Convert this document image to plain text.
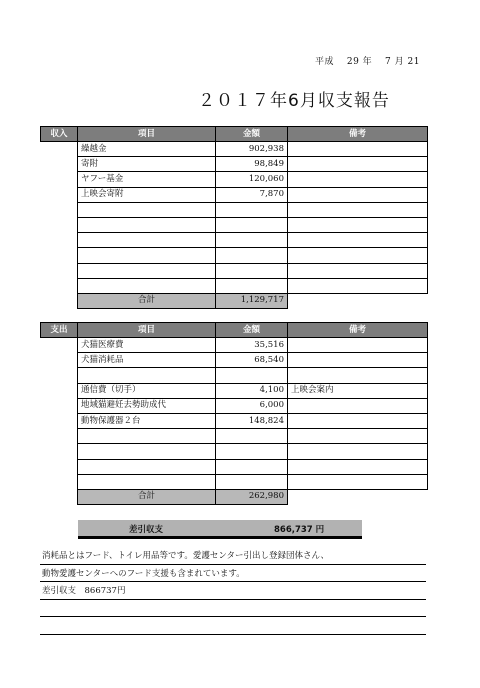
平成　 29 年　 7 月 21
２０１７年6月収支報告
収入	項目	金額	備考
	繰越金	902,938	
	寄附	98,849	
	ヤフー基金	120,060	
	上映会寄附	7,870	

	合計	1,129,717	
支出	項目	金額	備考
	犬猫医療費	35,516	
	犬猫消耗品	68,540	

	通信費（切手）	4,100	上映会案内
	地域猫避妊去勢助成代	6,000	
	動物保護器２台	148,824	

	合計	262,980	
差引収支	866,737 円
消耗品とはフード、トイレ用品等です。愛護センター引出し登録団体さん、
動物愛護センターへのフード支援も含まれています。
差引収支　866737円
